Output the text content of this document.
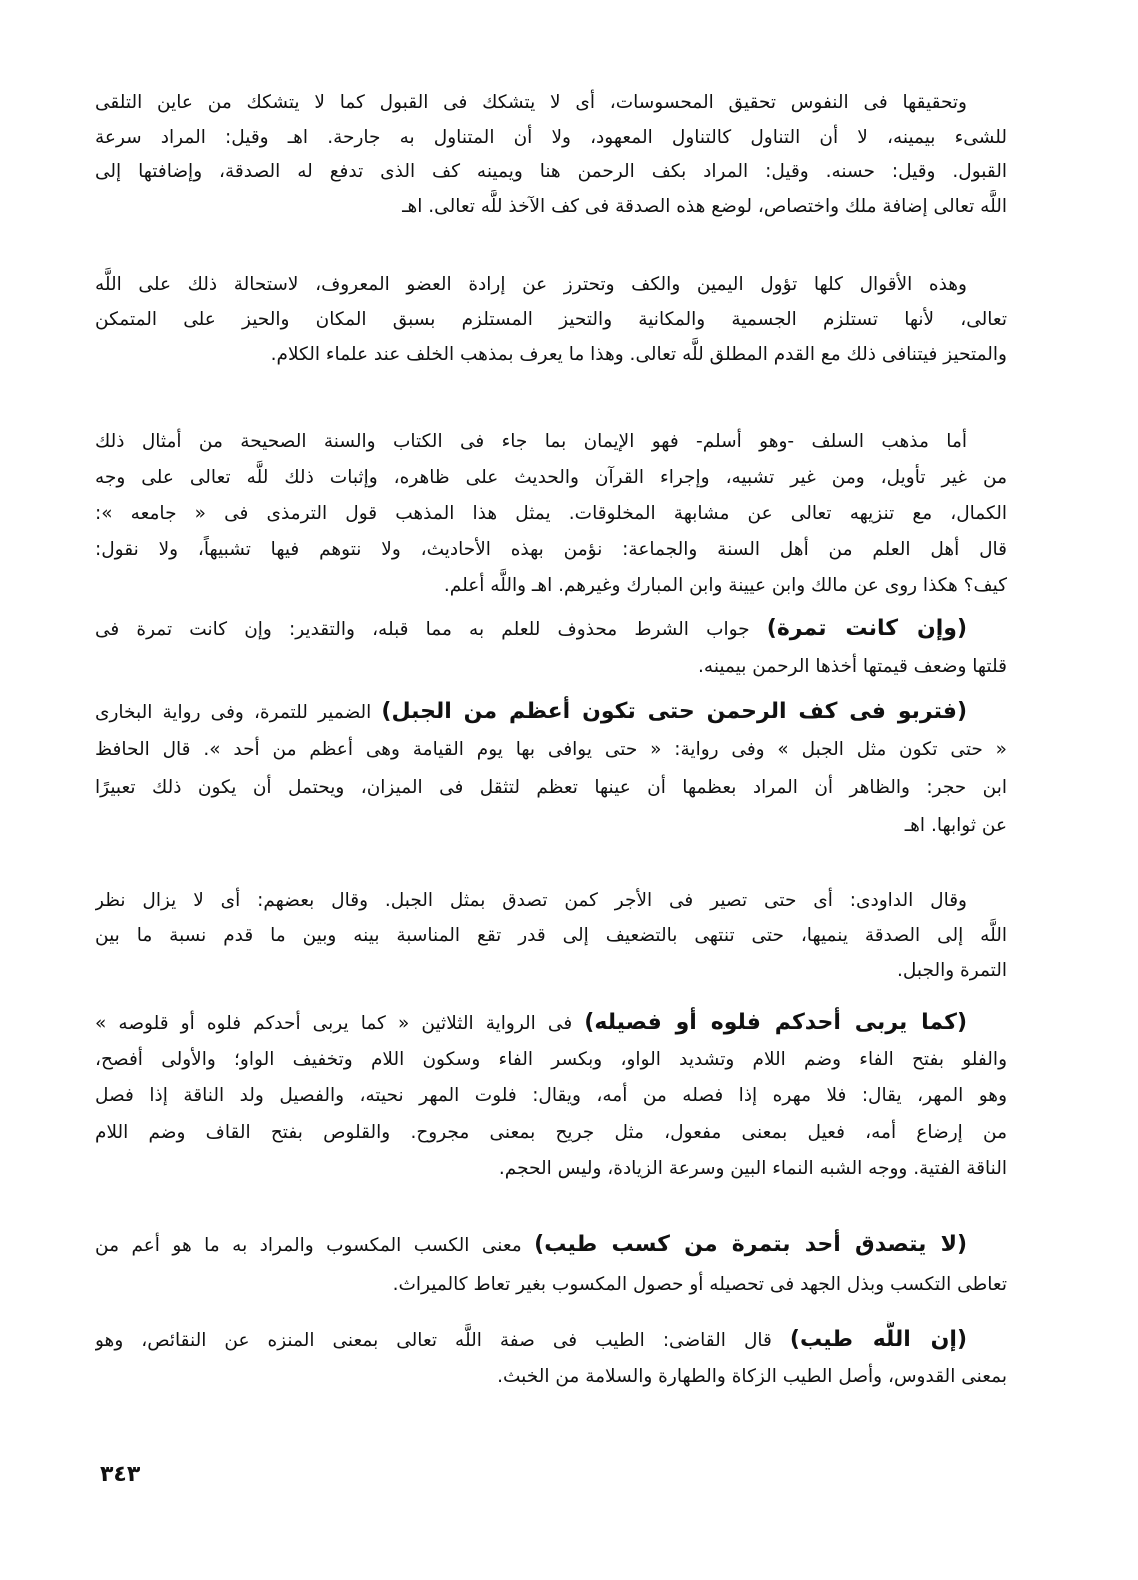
وتحقيقها فى النفوس تحقيق المحسوسات، أى لا يتشكك فى القبول كما لا يتشكك من عاين التلقى
للشىء بيمينه، لا أن التناول كالتناول المعهود، ولا أن المتناول به جارحة. اهـ وقيل: المراد سرعة
القبول. وقيل: حسنه. وقيل: المراد بكف الرحمن هنا ويمينه كف الذى تدفع له الصدقة، وإضافتها إلى
اللَّه تعالى إضافة ملك واختصاص، لوضع هذه الصدقة فى كف الآخذ للَّه تعالى. اهـ
وهذه الأقوال كلها تؤول اليمين والكف وتحترز عن إرادة العضو المعروف، لاستحالة ذلك على اللَّه
تعالى، لأنها تستلزم الجسمية والمكانية والتحيز المستلزم بسبق المكان والحيز على المتمكن
والمتحيز فيتنافى ذلك مع القدم المطلق للَّه تعالى. وهذا ما يعرف بمذهب الخلف عند علماء الكلام.
أما مذهب السلف -وهو أسلم- فهو الإيمان بما جاء فى الكتاب والسنة الصحيحة من أمثال ذلك
من غير تأويل، ومن غير تشبيه، وإجراء القرآن والحديث على ظاهره، وإثبات ذلك للَّه تعالى على وجه
الكمال، مع تنزيهه تعالى عن مشابهة المخلوقات. يمثل هذا المذهب قول الترمذى فى « جامعه »:
قال أهل العلم من أهل السنة والجماعة: نؤمن بهذه الأحاديث، ولا نتوهم فيها تشبيهاً، ولا نقول:
كيف؟ هكذا روى عن مالك وابن عيينة وابن المبارك وغيرهم. اهـ واللَّه أعلم.
(وإن كانت تمرة) جواب الشرط محذوف للعلم به مما قبله، والتقدير: وإن كانت تمرة فى
قلتها وضعف قيمتها أخذها الرحمن بيمينه.
(فتربو فى كف الرحمن حتى تكون أعظم من الجبل) الضمير للتمرة، وفى رواية البخارى
« حتى تكون مثل الجبل » وفى رواية: « حتى يوافى بها يوم القيامة وهى أعظم من أحد ». قال الحافظ
ابن حجر: والظاهر أن المراد بعظمها أن عينها تعظم لتثقل فى الميزان، ويحتمل أن يكون ذلك تعبيرًا
عن ثوابها. اهـ
وقال الداودى: أى حتى تصير فى الأجر كمن تصدق بمثل الجبل. وقال بعضهم: أى لا يزال نظر
اللَّه إلى الصدقة ينميها، حتى تنتهى بالتضعيف إلى قدر تقع المناسبة بينه وبين ما قدم نسبة ما بين
التمرة والجبل.
(كما يربى أحدكم فلوه أو فصيله) فى الرواية الثلاثين « كما يربى أحدكم فلوه أو قلوصه »
والفلو بفتح الفاء وضم اللام وتشديد الواو، وبكسر الفاء وسكون اللام وتخفيف الواو؛ والأولى أفصح،
وهو المهر، يقال: فلا مهره إذا فصله من أمه، ويقال: فلوت المهر نحيته، والفصيل ولد الناقة إذا فصل
من إرضاع أمه، فعيل بمعنى مفعول، مثل جريح بمعنى مجروح. والقلوص بفتح القاف وضم اللام
الناقة الفتية. ووجه الشبه النماء البين وسرعة الزيادة، وليس الحجم.
(لا يتصدق أحد بتمرة من كسب طيب) معنى الكسب المكسوب والمراد به ما هو أعم من
تعاطى التكسب وبذل الجهد فى تحصيله أو حصول المكسوب بغير تعاط كالميراث.
(إن اللَّه طيب) قال القاضى: الطيب فى صفة اللَّه تعالى بمعنى المنزه عن النقائص، وهو
بمعنى القدوس، وأصل الطيب الزكاة والطهارة والسلامة من الخبث.
٣٤٣
